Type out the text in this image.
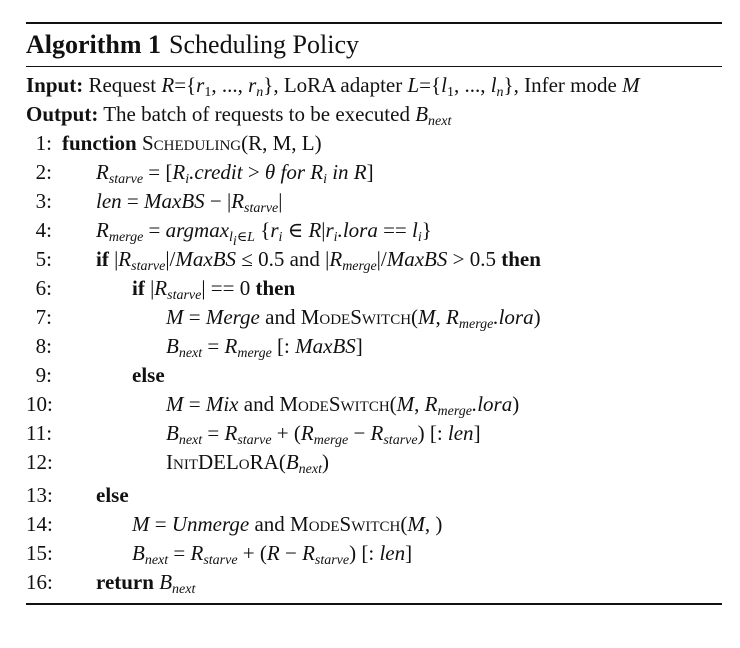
Algorithm 1 Scheduling Policy
Input: Request $R=\{r_1$, ..., $r_n$}, LoRA adapter $L=\{l_1$, ..., $l_n$}, Infer mode M
Output: The batch of requests to be executed $B_{next}$
1: function Scheduling(R, M, L)
2: $R_{starve}$ = [$R_i.credit > \theta$ for $R_i$ in R]
3: len = MaxBS − $|R_{starve}|$
4: $R_{merge} = argmax_{l_i\in L}$ {$r_i$ ∈ $R|r_i.lora == l_i$}
5: if $|R_{starve}|$/MaxBS ≤ 0.5 and $|R_{merge}|$/MaxBS > 0.5 then
6:	if $|R_{starve}| == 0$ then
7:	M = Merge and ModeSwitch(M, $R_{merge}.lora$)
8:	$B_{next} = R_{merge}$ [: MaxBS]
9:	else
10:	M = Mix and ModeSwitch(M, $R_{merge}.lora$)
11:	$B_{next} = R_{starve} + (R_{merge} - R_{starve})$ [: len]
12:	$InitDELoRA(B_{next})$
13: else
14:	M = Unmerge and ModeSwitch(M, )
15:	$B_{next} = R_{starve} + (R - R_{starve})$ [: len]
16: return $B_{next}$
